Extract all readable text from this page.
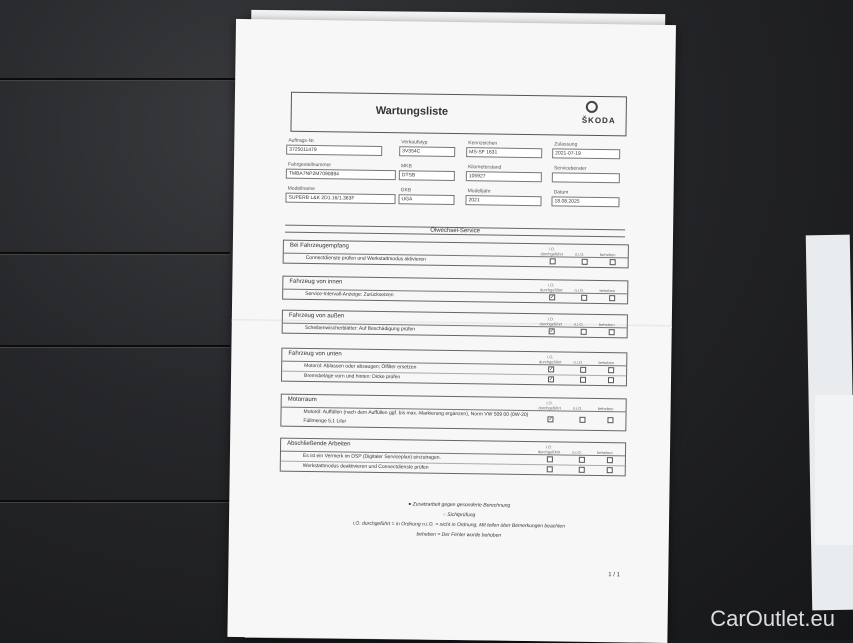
Wartungsliste
ŠKODA
Auftrags-Nr.
3725011479
Verkaufstyp
3V354C
Kennzeichen
MS-SF 1631
Zulassung
2021-07-19
Fahrgestellnummer
TMBA7NP2M7090884
MKB
DTSB
Kilometerstand
105927
Serviceberater
Modellname
SUPERB L&K 2D1.16/1.363F
GKB
UGA
Modelljahr
2021
Datum
18.08.2025
Ölwechsel-Service
Bei Fahrzeugempfang	i.O. durchgeführt	n.i.O.	beheben
Connectdienste prüfen und Werkstattmodus aktivieren
Fahrzeug von innen	i.O. durchgeführt	n.i.O.	beheben
Service-Intervall-Anzeige: Zurücksetzen	✓
Fahrzeug von außen	i.O. durchgeführt	n.i.O.	beheben
Scheibenwischerblätter: Auf Beschädigung prüfen	✓
Fahrzeug von unten	i.O. durchgeführt	n.i.O.	beheben
Motoröl: Ablassen oder absaugen; Ölfilter ersetzen	✓
Bremsbeläge vorn und hinten: Dicke prüfen	✓
Motorraum	i.O. durchgeführt	n.i.O.	beheben
Motoröl: Auffüllen (nach dem Auffüllen ggf. bis max.-Markierung ergänzen), Norm VW 509 00 (0W-20) Füllmenge 5,1 Liter	✓
Abschließende Arbeiten	i.O. durchgeführt	n.i.O.	beheben
Es ist ein Vermerk im DSP (Digitaler Serviceplan) einzutragen.
Werkstattmodus deaktivieren und Connectdienste prüfen
● Zusatzarbeit gegen gesonderte Berechnung
◌ Sichtprüfung
i.O. durchgeführt = in Ordnung n.i.O. = nicht in Ordnung, Mit teilen über Bemerkungen beachten beheben = Der Fehler wurde behoben
1 / 1
CarOutlet.eu
